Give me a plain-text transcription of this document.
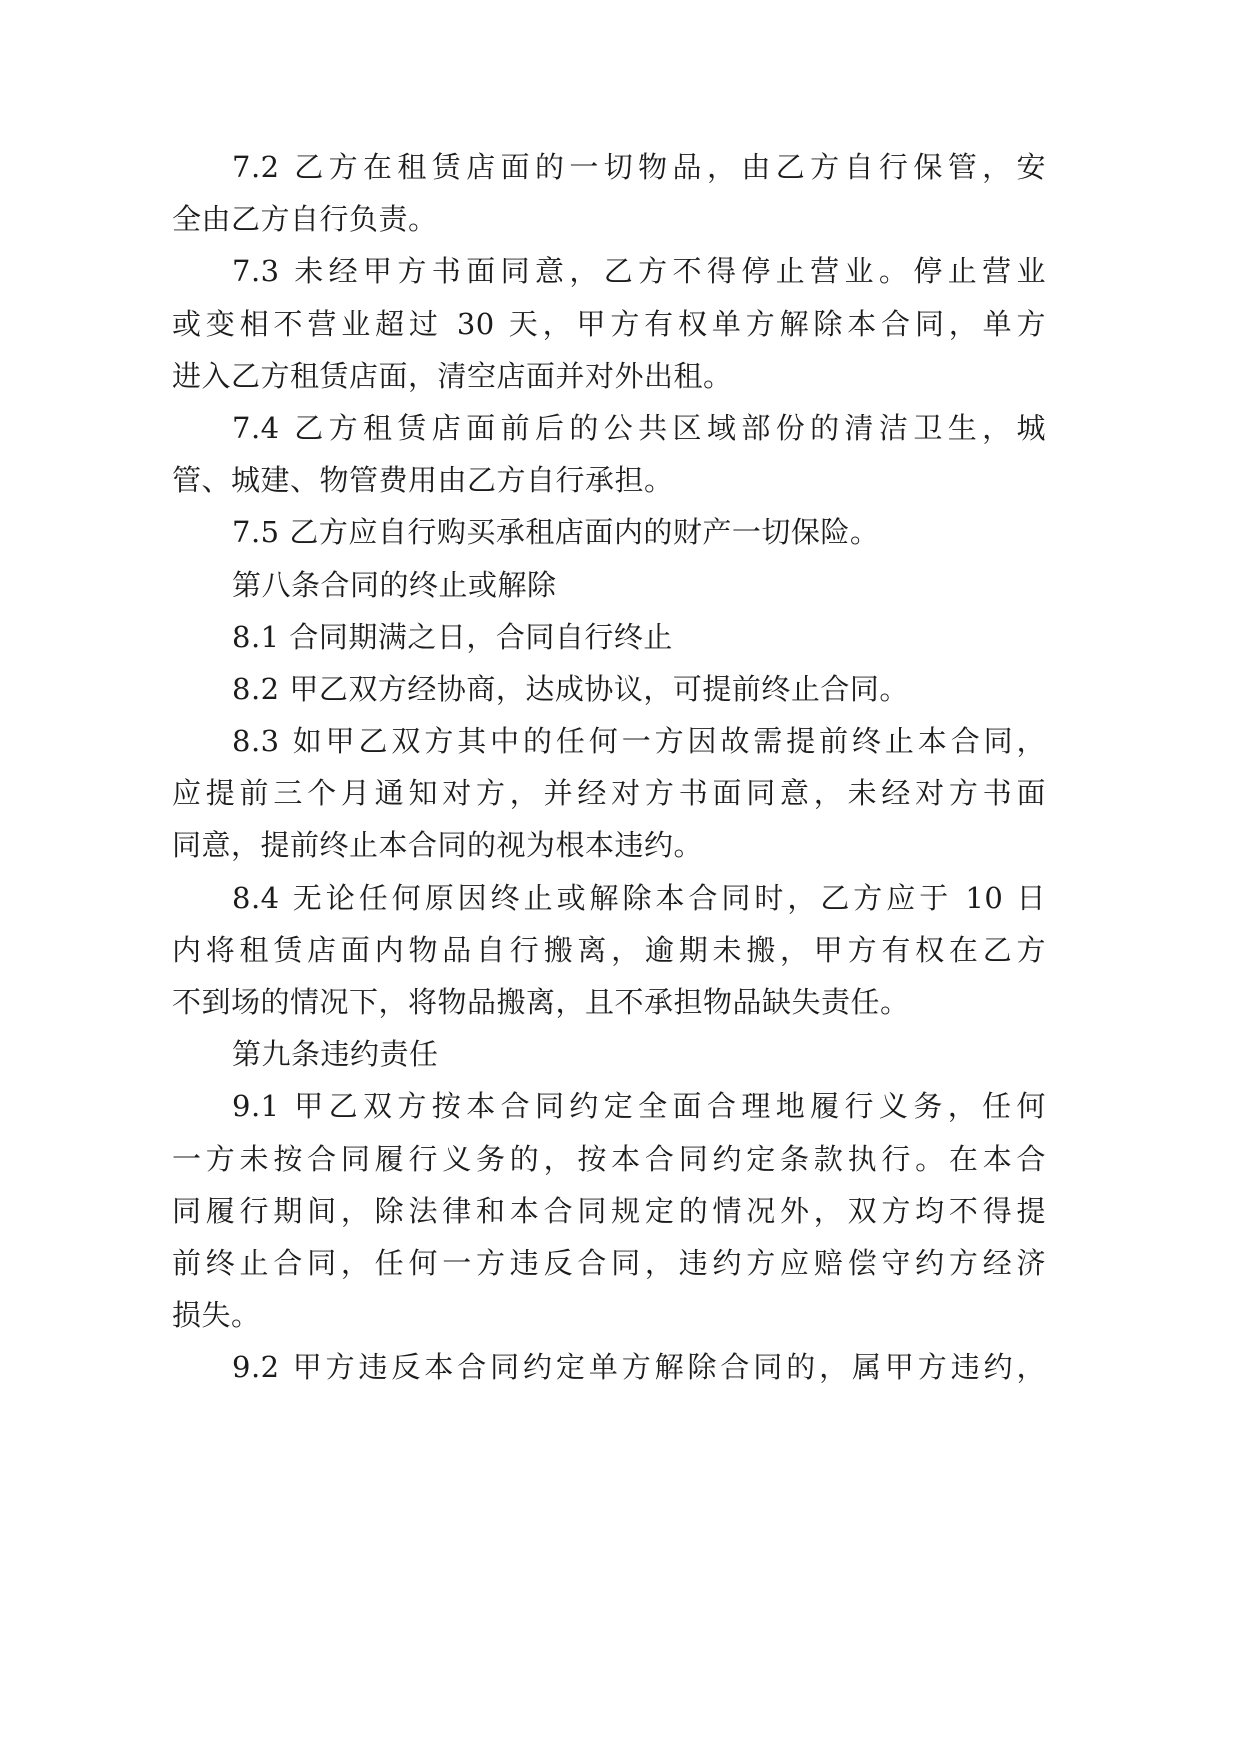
7.2 乙方在租赁店面的一切物品，由乙方自行保管，安
全由乙方自行负责。
7.3 未经甲方书面同意，乙方不得停止营业。停止营业
或变相不营业超过 30 天，甲方有权单方解除本合同，单方
进入乙方租赁店面，清空店面并对外出租。
7.4 乙方租赁店面前后的公共区域部份的清洁卫生，城
管、城建、物管费用由乙方自行承担。
7.5 乙方应自行购买承租店面内的财产一切保险。
第八条合同的终止或解除
8.1 合同期满之日，合同自行终止
8.2 甲乙双方经协商，达成协议，可提前终止合同。
8.3 如甲乙双方其中的任何一方因故需提前终止本合同，
应提前三个月通知对方，并经对方书面同意，未经对方书面
同意，提前终止本合同的视为根本违约。
8.4 无论任何原因终止或解除本合同时，乙方应于 10 日
内将租赁店面内物品自行搬离，逾期未搬，甲方有权在乙方
不到场的情况下，将物品搬离，且不承担物品缺失责任。
第九条违约责任
9.1 甲乙双方按本合同约定全面合理地履行义务，任何
一方未按合同履行义务的，按本合同约定条款执行。在本合
同履行期间，除法律和本合同规定的情况外，双方均不得提
前终止合同，任何一方违反合同，违约方应赔偿守约方经济
损失。
9.2 甲方违反本合同约定单方解除合同的，属甲方违约，
